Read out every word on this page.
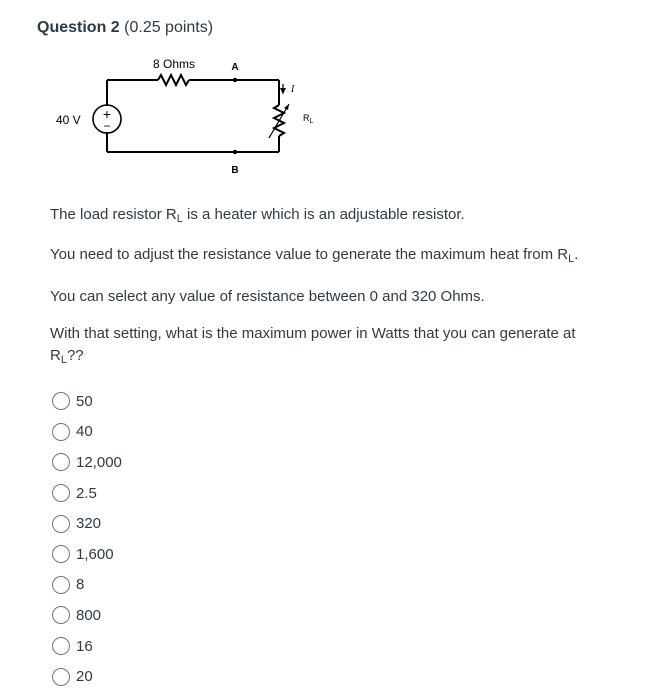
Question 2 (0.25 points)
+
−
8 Ohms
40 V
A
B
I
$R_L$
The load resistor $R_L$ is a heater which is an adjustable resistor.
You need to adjust the resistance value to generate the maximum heat from $R_L$.
You can select any value of resistance between 0 and 320 Ohms.
With that setting, what is the maximum power in Watts that you can generate at
$R_L$??
50
40
12,000
2.5
320
1,600
8
800
16
20
